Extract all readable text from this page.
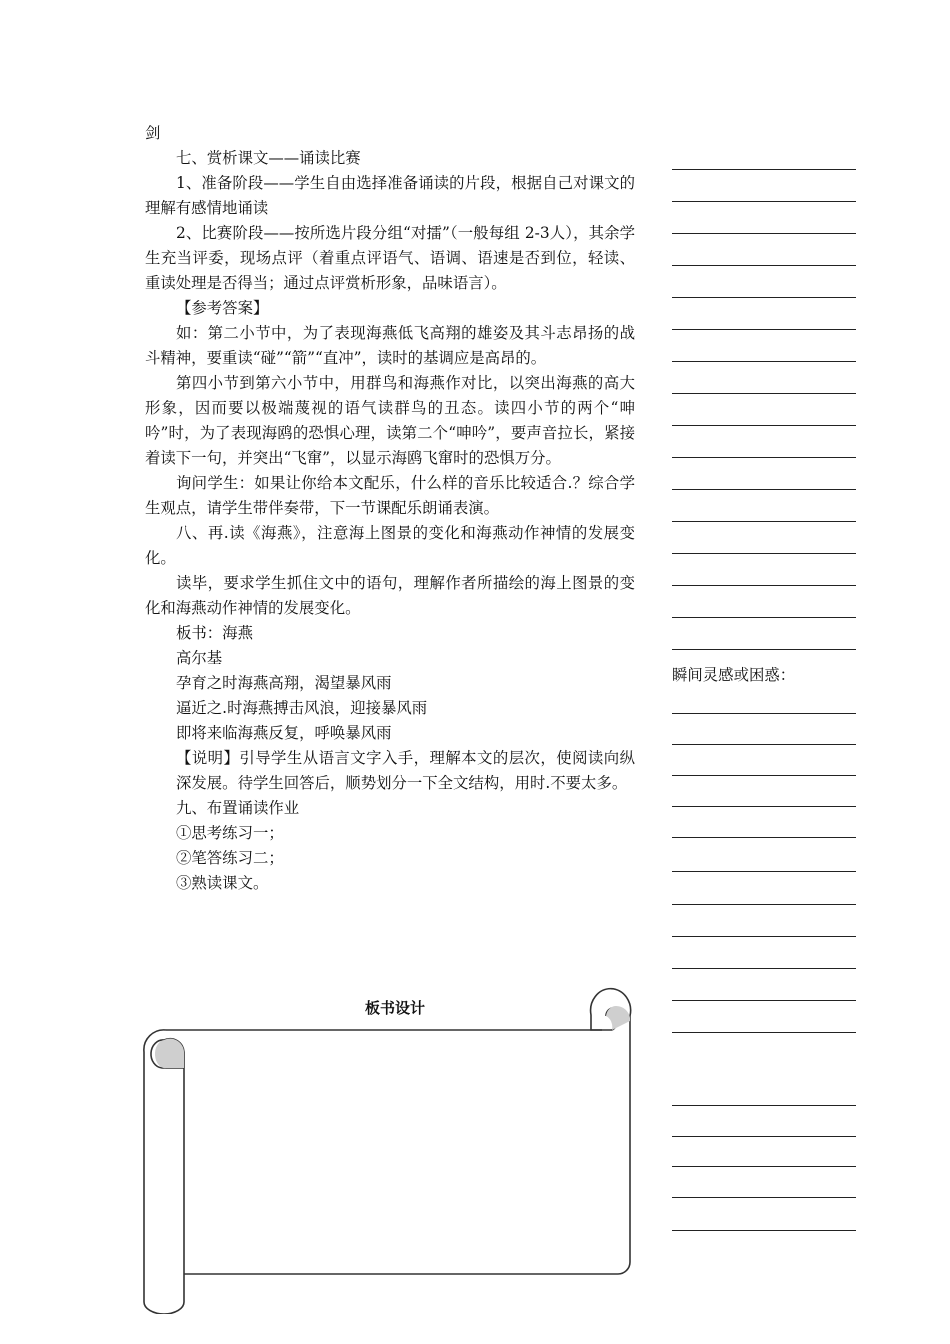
剑

七、赏析课文——诵读比赛

1、准备阶段——学生自由选择准备诵读的片段，根据自己对课文的理解有感情地诵读

2、比赛阶段——按所选片段分组“对擂”（一般每组 2-3人），其余学生充当评委，现场点评（着重点评语气、语调、语速是否到位，轻读、重读处理是否得当；通过点评赏析形象，品味语言）。

【参考答案】

如：第二小节中，为了表现海燕低飞高翔的雄姿及其斗志昂扬的战斗精神，要重读“碰”“箭”“直冲”，读时的基调应是高昂的。

第四小节到第六小节中，用群鸟和海燕作对比，以突出海燕的高大形象，因而要以极端蔑视的语气读群鸟的丑态。读四小节的两个“呻吟”时，为了表现海鸥的恐惧心理，读第二个“呻吟”，要声音拉长，紧接着读下一句，并突出“飞窜”，以显示海鸥飞窜时的恐惧万分。

询问学生：如果让你给本文配乐，什么样的音乐比较适合.？综合学生观点，请学生带伴奏带，下一节课配乐朗诵表演。

八、再.读《海燕》，注意海上图景的变化和海燕动作神情的发展变化。

读毕，要求学生抓住文中的语句，理解作者所描绘的海上图景的变化和海燕动作神情的发展变化。

板书：海燕

高尔基

孕育之时海燕高翔，渴望暴风雨

逼近之.时海燕搏击风浪，迎接暴风雨

即将来临海燕反复，呼唤暴风雨

【说明】引导学生从语言文字入手，理解本文的层次，使阅读向纵深发展。待学生回答后，顺势划分一下全文结构，用时.不要太多。

九、布置诵读作业

①思考练习一；

②笔答练习二；

③熟读课文。

板书设计
瞬间灵感或困惑：
